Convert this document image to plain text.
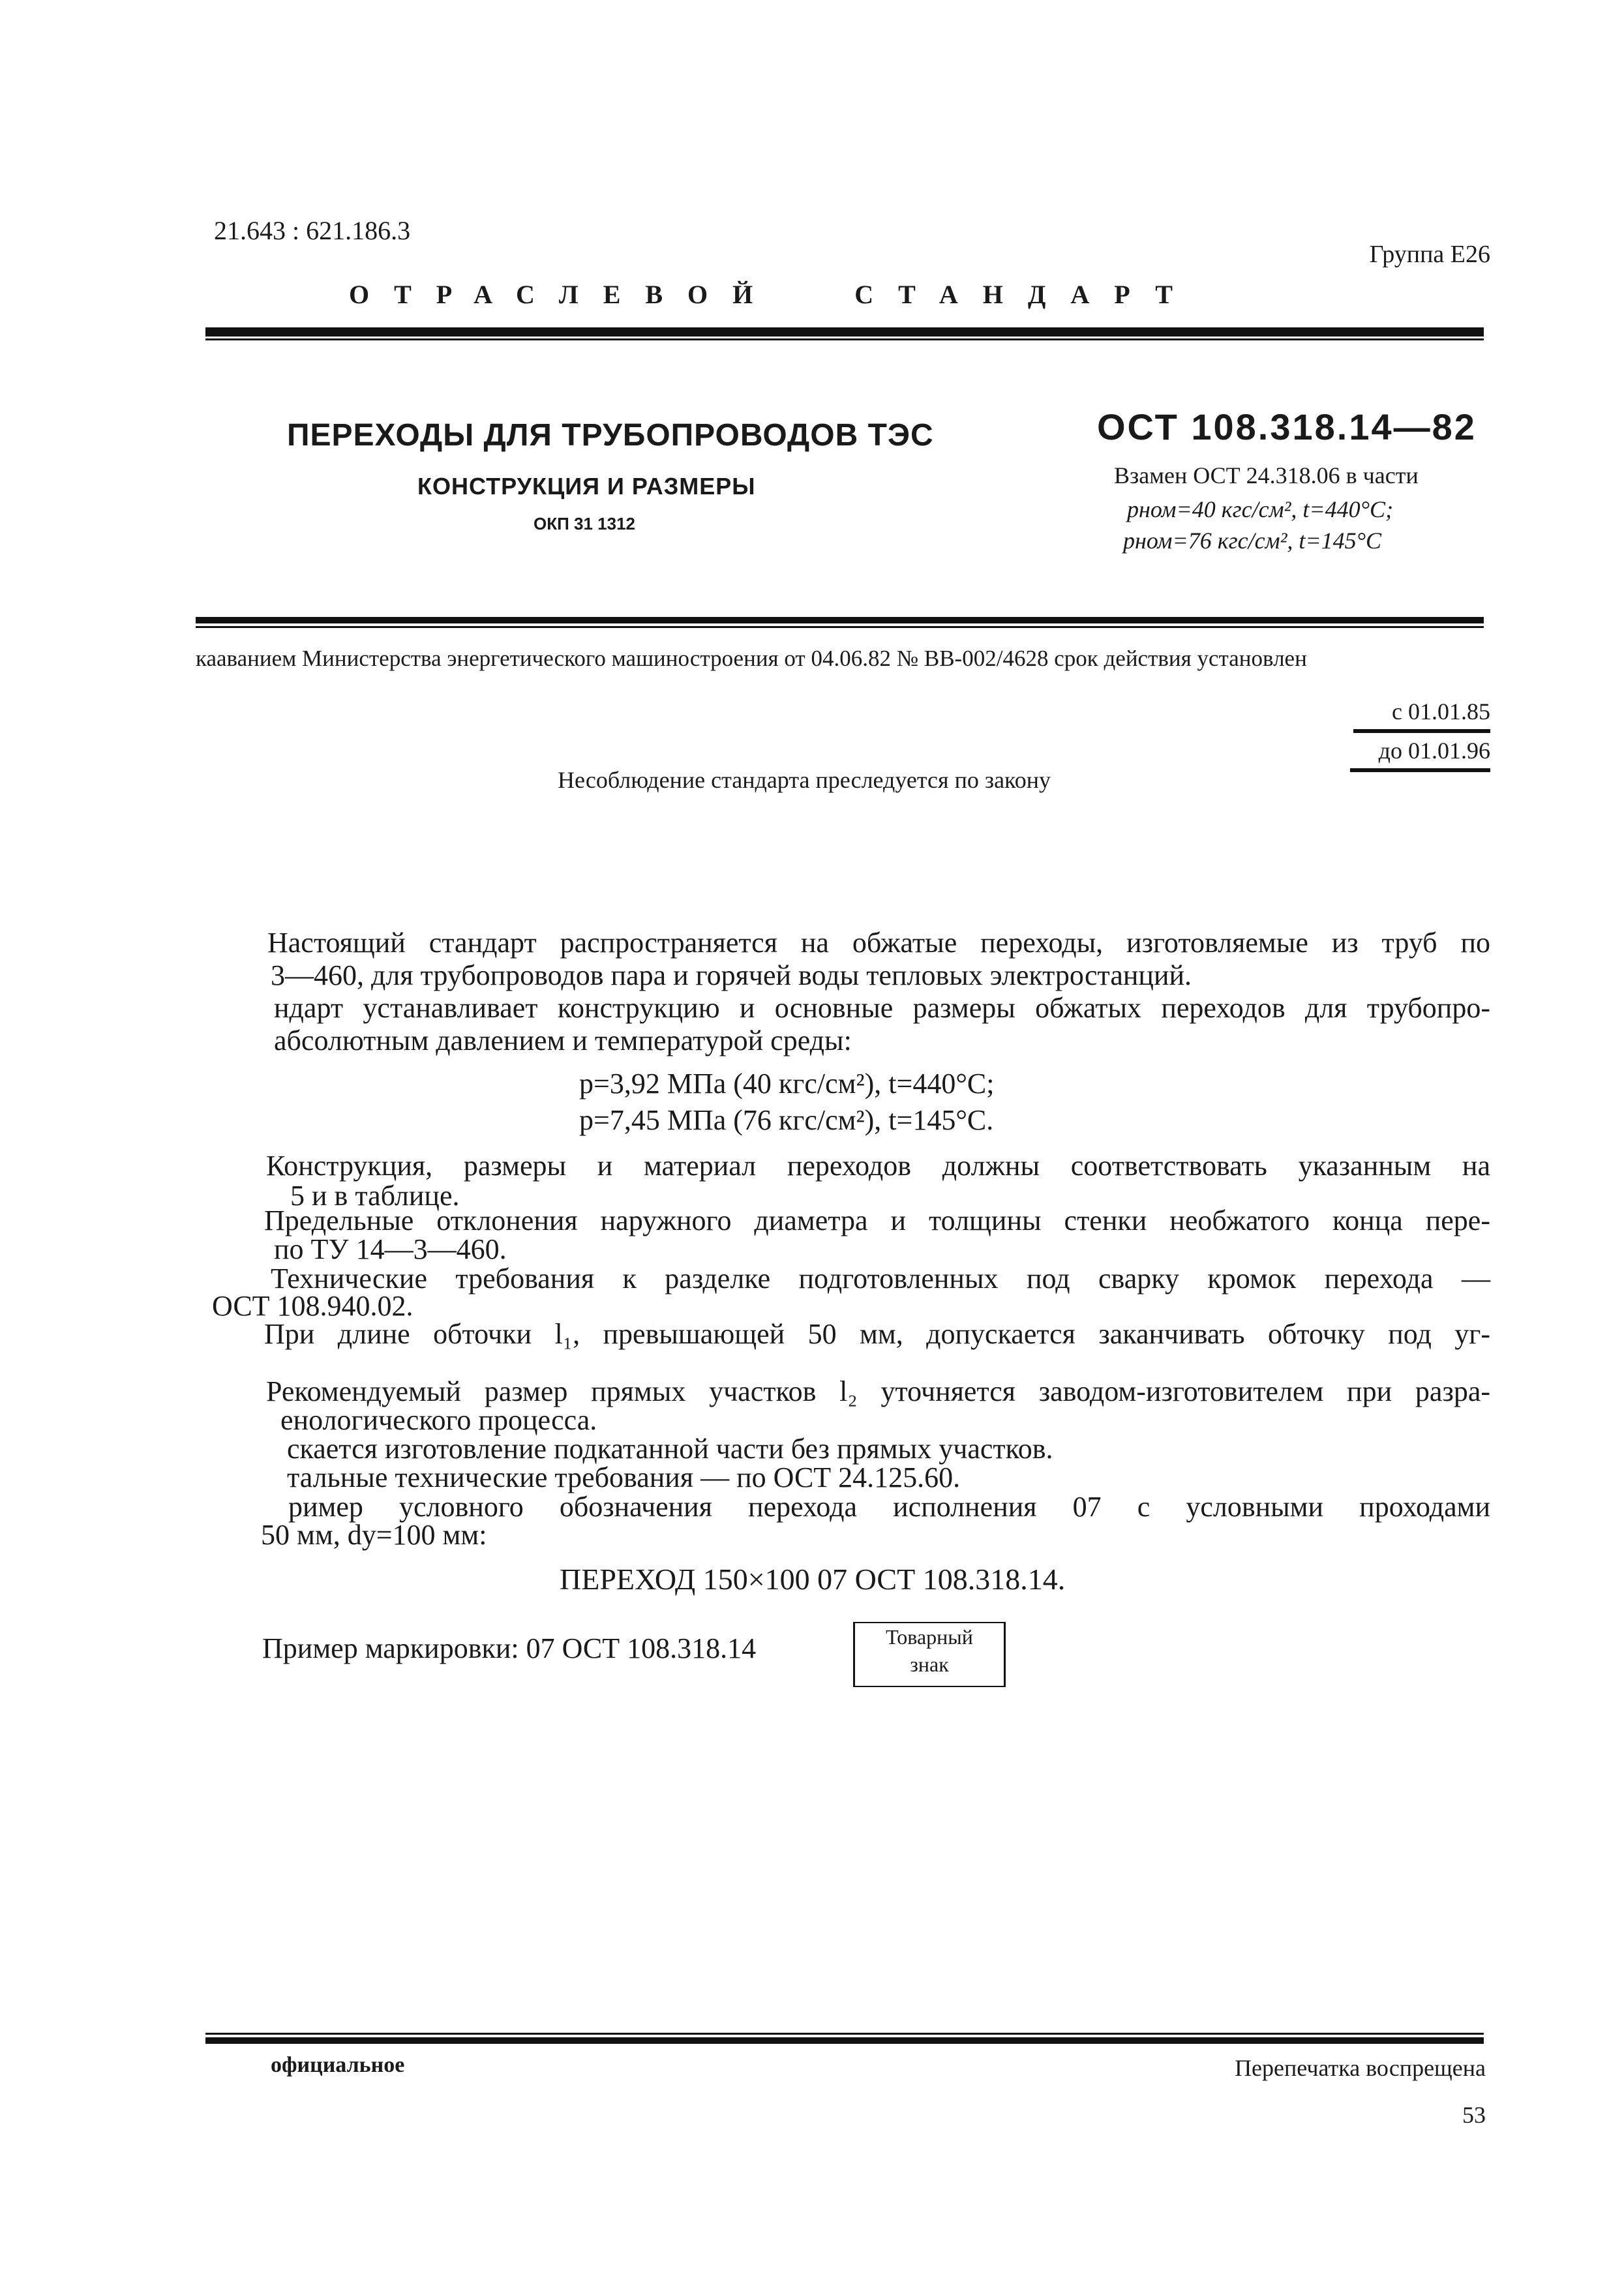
21.643 : 621.186.3
Группа Е26
ОТРАСЛЕВОЙ СТАНДАРТ
ПЕРЕХОДЫ ДЛЯ ТРУБОПРОВОДОВ ТЭС
КОНСТРУКЦИЯ И РАЗМЕРЫ
ОКП 31 1312
ОСТ 108.318.14—82
Взамен ОСТ 24.318.06 в части
pном=40 кгс/см², t=440°C;
pном=76 кгс/см², t=145°C
кааванием Министерства энергетического машиностроения от 04.06.82 № ВВ-002/4628 срок действия установлен
с 01.01.85
до 01.01.96
Несоблюдение стандарта преследуется по закону
Настоящий стандарт распространяется на обжатые переходы, изготовляемые из труб по
3—460, для трубопроводов пара и горячей воды тепловых электростанций.
ндарт устанавливает конструкцию и основные размеры обжатых переходов для трубопро-
абсолютным давлением и температурой среды:
p=3,92 МПа (40 кгс/см²), t=440°C;
p=7,45 МПа (76 кгс/см²), t=145°C.
Конструкция, размеры и материал переходов должны соответствовать указанным на
5 и в таблице.
Предельные отклонения наружного диаметра и толщины стенки необжатого конца пере-
по ТУ 14—3—460.
Технические требования к разделке подготовленных под сварку кромок перехода —
ОСТ 108.940.02.
При длине обточки l₁, превышающей 50 мм, допускается заканчивать обточку под уг-
Рекомендуемый размер прямых участков l₂ уточняется заводом-изготовителем при разра-
енологического процесса.
скается изготовление подкатанной части без прямых участков.
тальные технические требования — по ОСТ 24.125.60.
ример условного обозначения перехода исполнения 07 с условными проходами
50 мм, dу=100 мм:
ПЕРЕХОД 150×100 07 ОСТ 108.318.14.
Пример маркировки: 07 ОСТ 108.318.14	Товарный
знак
официальное	Перепечатка воспрещена
53
